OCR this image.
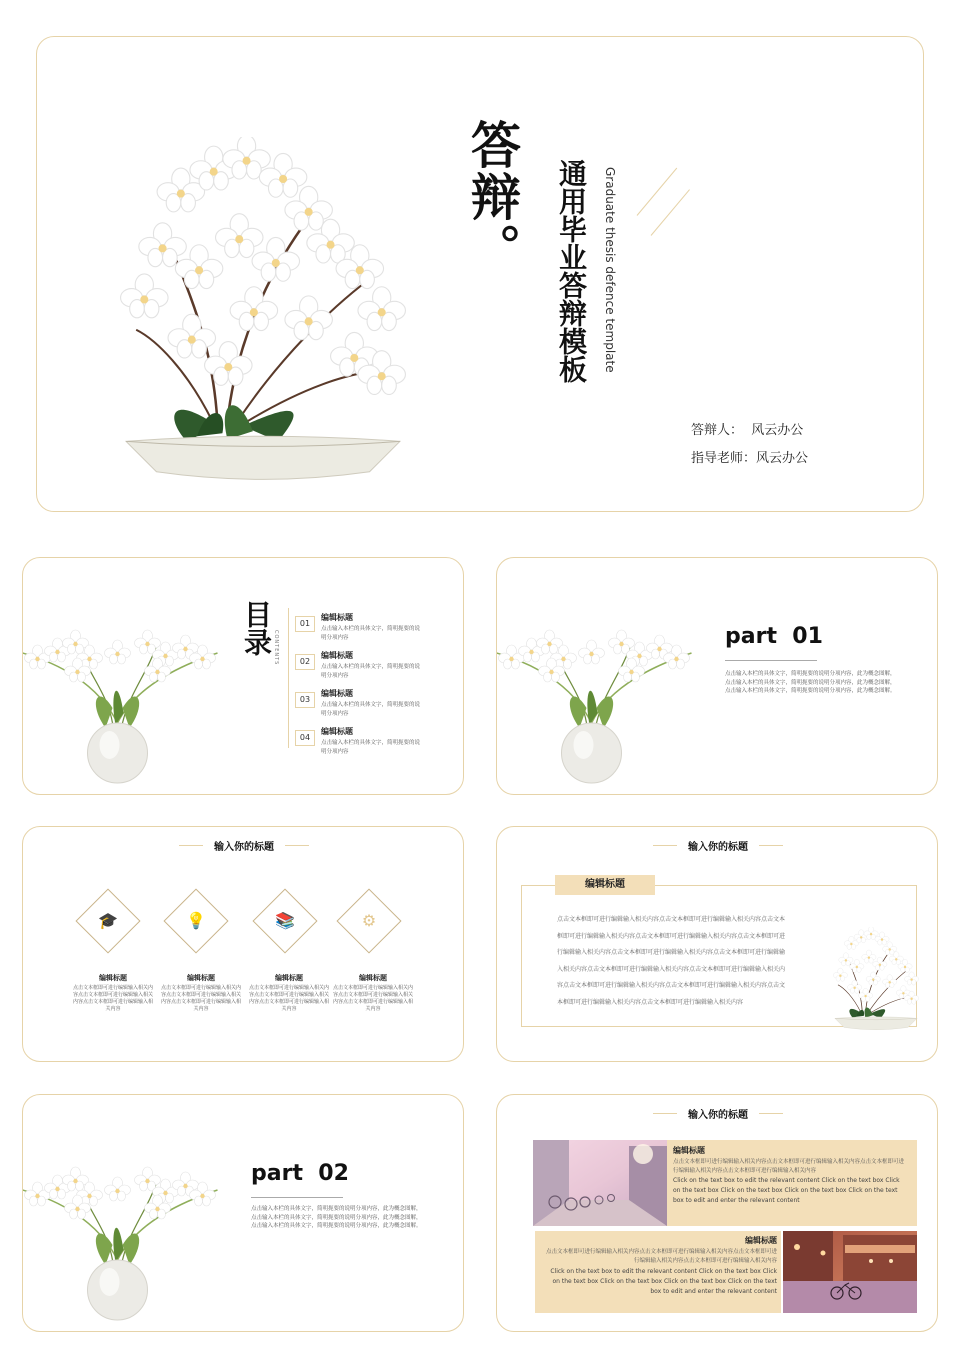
答辩。 通用毕业答辩模板 Graduate thesis defence template
答辩人：  风云办公
指导老师：风云办公
目录 CONTENTS
01
编辑标题
点击输入本栏的具体文字，简明扼要的说明分项内容
02
编辑标题
点击输入本栏的具体文字，简明扼要的说明分项内容
03
编辑标题
点击输入本栏的具体文字，简明扼要的说明分项内容
04
编辑标题
点击输入本栏的具体文字，简明扼要的说明分项内容
part  01
点击输入本栏的具体文字，简明扼要的说明分项内容，此为概念图解，点击输入本栏的具体文字，简明扼要的说明分项内容，此为概念图解，点击输入本栏的具体文字，简明扼要的说明分项内容，此为概念图解。
输入你的标题
🎓	💡	📚	⚙
编辑标题
点击文本框即可进行编辑输入相关内容点击文本框即可进行编辑输入相关内容点击文本框即可进行编辑输入相关内容
编辑标题
点击文本框即可进行编辑输入相关内容点击文本框即可进行编辑输入相关内容点击文本框即可进行编辑输入相关内容
编辑标题
点击文本框即可进行编辑输入相关内容点击文本框即可进行编辑输入相关内容点击文本框即可进行编辑输入相关内容
编辑标题
点击文本框即可进行编辑输入相关内容点击文本框即可进行编辑输入相关内容点击文本框即可进行编辑输入相关内容
输入你的标题
编辑标题
点击文本框即可进行编辑输入相关内容点击文本框即可进行编辑输入相关内容点击文本
框即可进行编辑输入相关内容点击文本框即可进行编辑输入相关内容点击文本框即可进
行编辑输入相关内容点击文本框即可进行编辑输入相关内容点击文本框即可进行编辑输
入相关内容点击文本框即可进行编辑输入相关内容点击文本框即可进行编辑输入相关内
容点击文本框即可进行编辑输入相关内容点击文本框即可进行编辑输入相关内容点击文
本框即可进行编辑输入相关内容点击文本框即可进行编辑输入相关内容
part  02
点击输入本栏的具体文字，简明扼要的说明分项内容，此为概念图解，点击输入本栏的具体文字，简明扼要的说明分项内容，此为概念图解，点击输入本栏的具体文字，简明扼要的说明分项内容，此为概念图解。
输入你的标题
编辑标题
点击文本框即可进行编辑输入相关内容点击文本框即可进行编辑输入相关内容点击文本框即可进行编辑输入相关内容点击文本框即可进行编辑输入相关内容
Click on the text box to edit the relevant content Click on the text box Click on the text box Click on the text box Click on the text box Click on the text box to edit and enter the relevant content
编辑标题
点击文本框即可进行编辑输入相关内容点击文本框即可进行编辑输入相关内容点击文本框即可进行编辑输入相关内容点击文本框即可进行编辑输入相关内容
Click on the text box to edit the relevant content Click on the text box Click on the text box Click on the text box Click on the text box Click on the text box to edit and enter the relevant content
